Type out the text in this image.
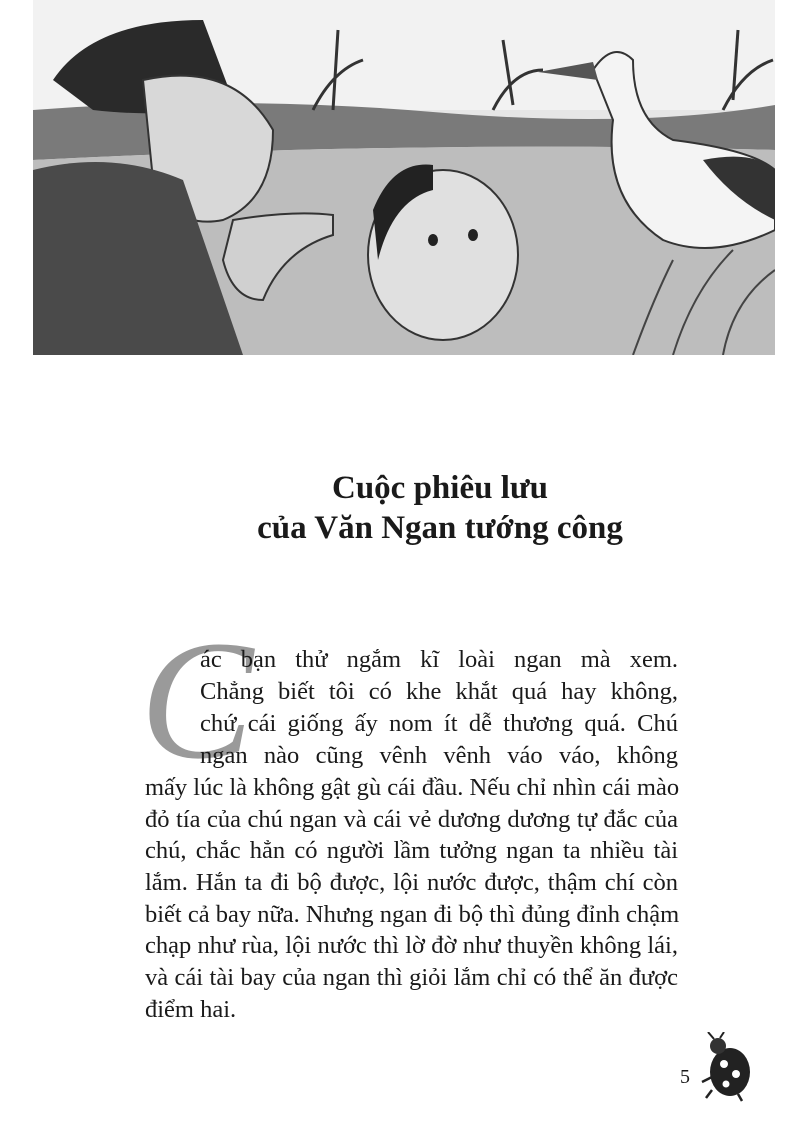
Cuộc phiêu lưu
của Văn Ngan tướng công
C
ác bạn thử ngắm kĩ loài ngan mà xem.
Chẳng biết tôi có khe khắt quá hay không,
chứ cái giống ấy nom ít dễ thương quá. Chú
ngan nào cũng vênh vênh váo váo, không
mấy lúc là không gật gù cái đầu. Nếu chỉ nhìn cái mào
đỏ tía của chú ngan và cái vẻ dương dương tự đắc của
chú, chắc hẳn có người lầm tưởng ngan ta nhiều tài
lắm. Hắn ta đi bộ được, lội nước được, thậm chí còn
biết cả bay nữa. Nhưng ngan đi bộ thì đủng đỉnh chậm
chạp như rùa, lội nước thì lờ đờ như thuyền không lái,
và cái tài bay của ngan thì giỏi lắm chỉ có thể ăn được
điểm hai.
5
